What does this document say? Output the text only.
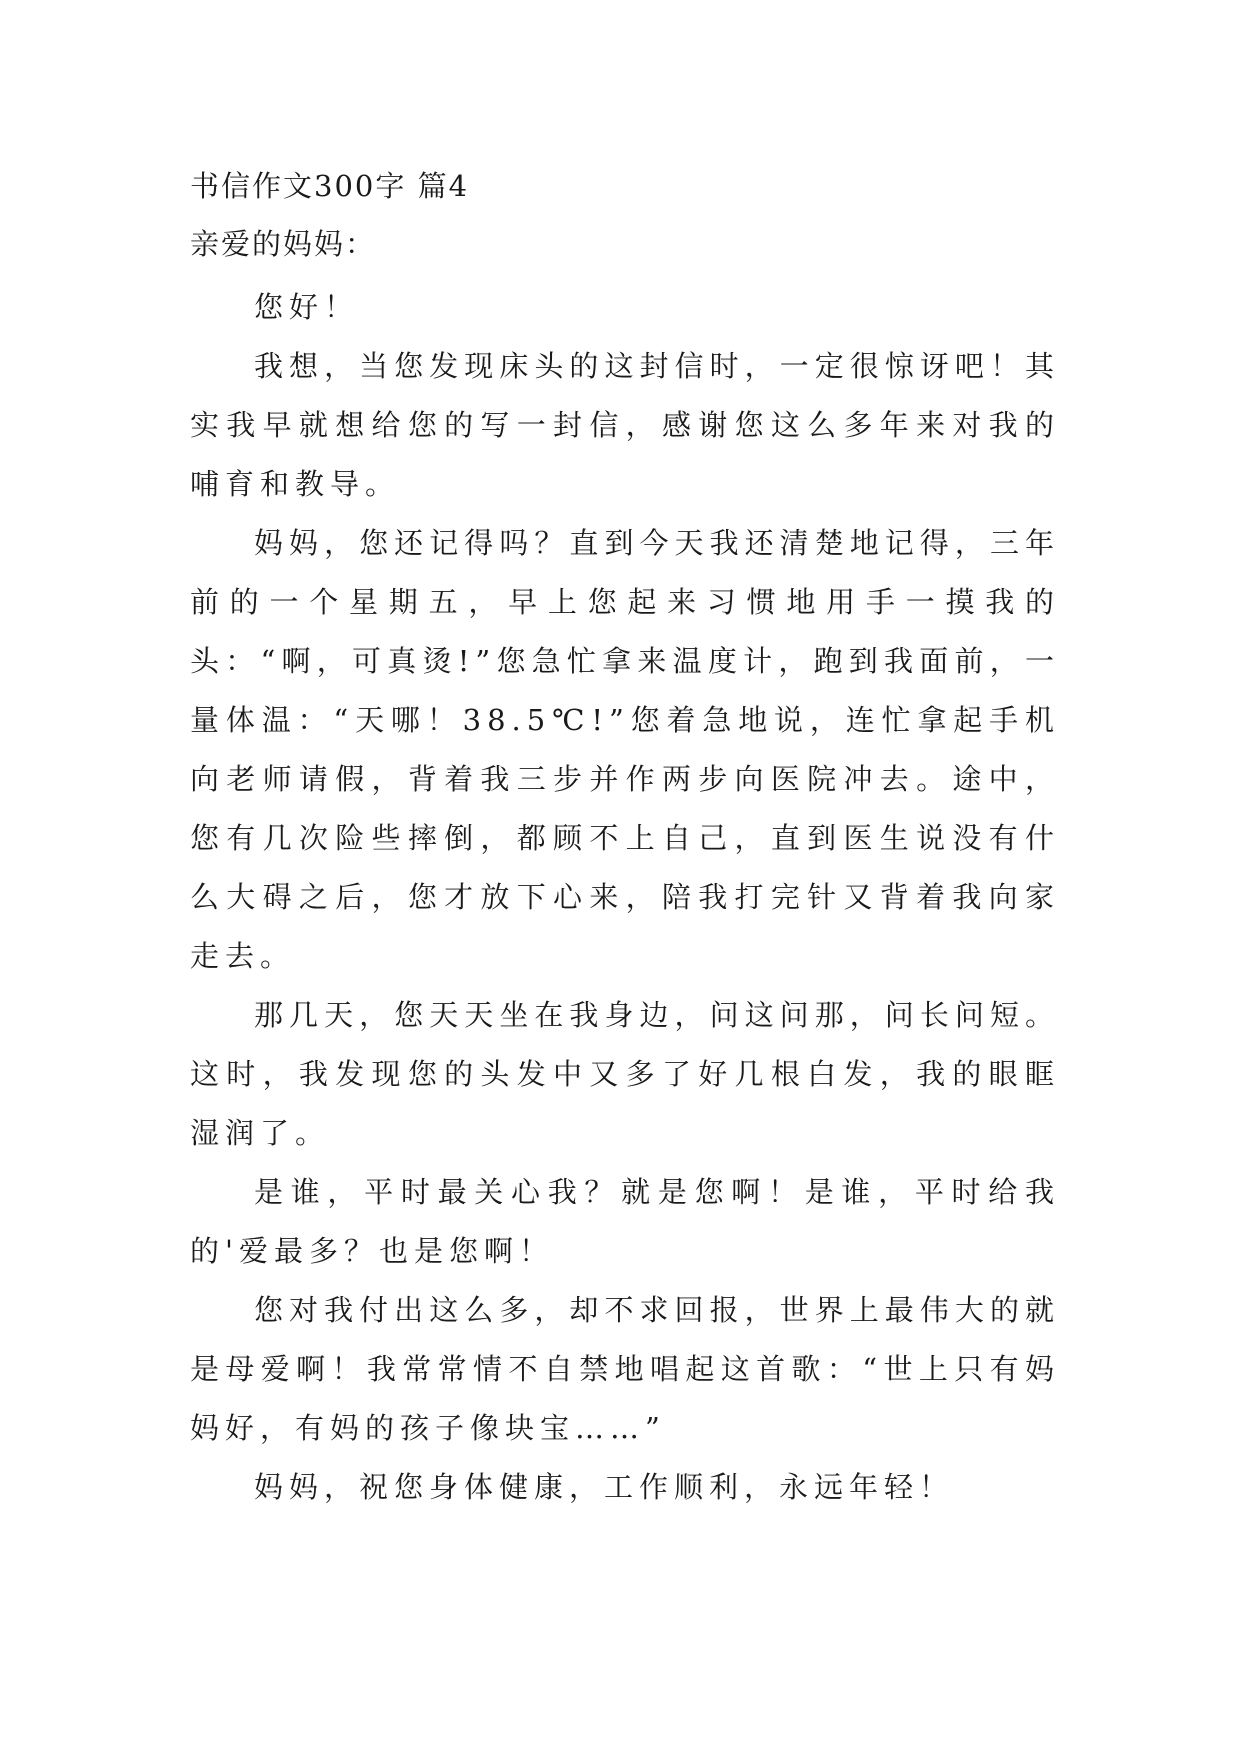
书信作文300字 篇4
亲爱的妈妈：

您好！

我想，当您发现床头的这封信时，一定很惊讶吧！其实我早就想给您的写一封信，感谢您这么多年来对我的哺育和教导。

妈妈，您还记得吗？直到今天我还清楚地记得，三年前的一个星期五，早上您起来习惯地用手一摸我的头：“啊，可真烫!”您急忙拿来温度计，跑到我面前，一量体温：“天哪！38.5℃!”您着急地说，连忙拿起手机向老师请假，背着我三步并作两步向医院冲去。途中，您有几次险些摔倒，都顾不上自己，直到医生说没有什么大碍之后，您才放下心来，陪我打完针又背着我向家走去。

那几天，您天天坐在我身边，问这问那，问长问短。这时，我发现您的头发中又多了好几根白发，我的眼眶湿润了。

是谁，平时最关心我？就是您啊！是谁，平时给我的'爱最多？也是您啊！

您对我付出这么多，却不求回报，世界上最伟大的就是母爱啊！我常常情不自禁地唱起这首歌：“世上只有妈妈好，有妈的孩子像块宝……”

妈妈，祝您身体健康，工作顺利，永远年轻！
